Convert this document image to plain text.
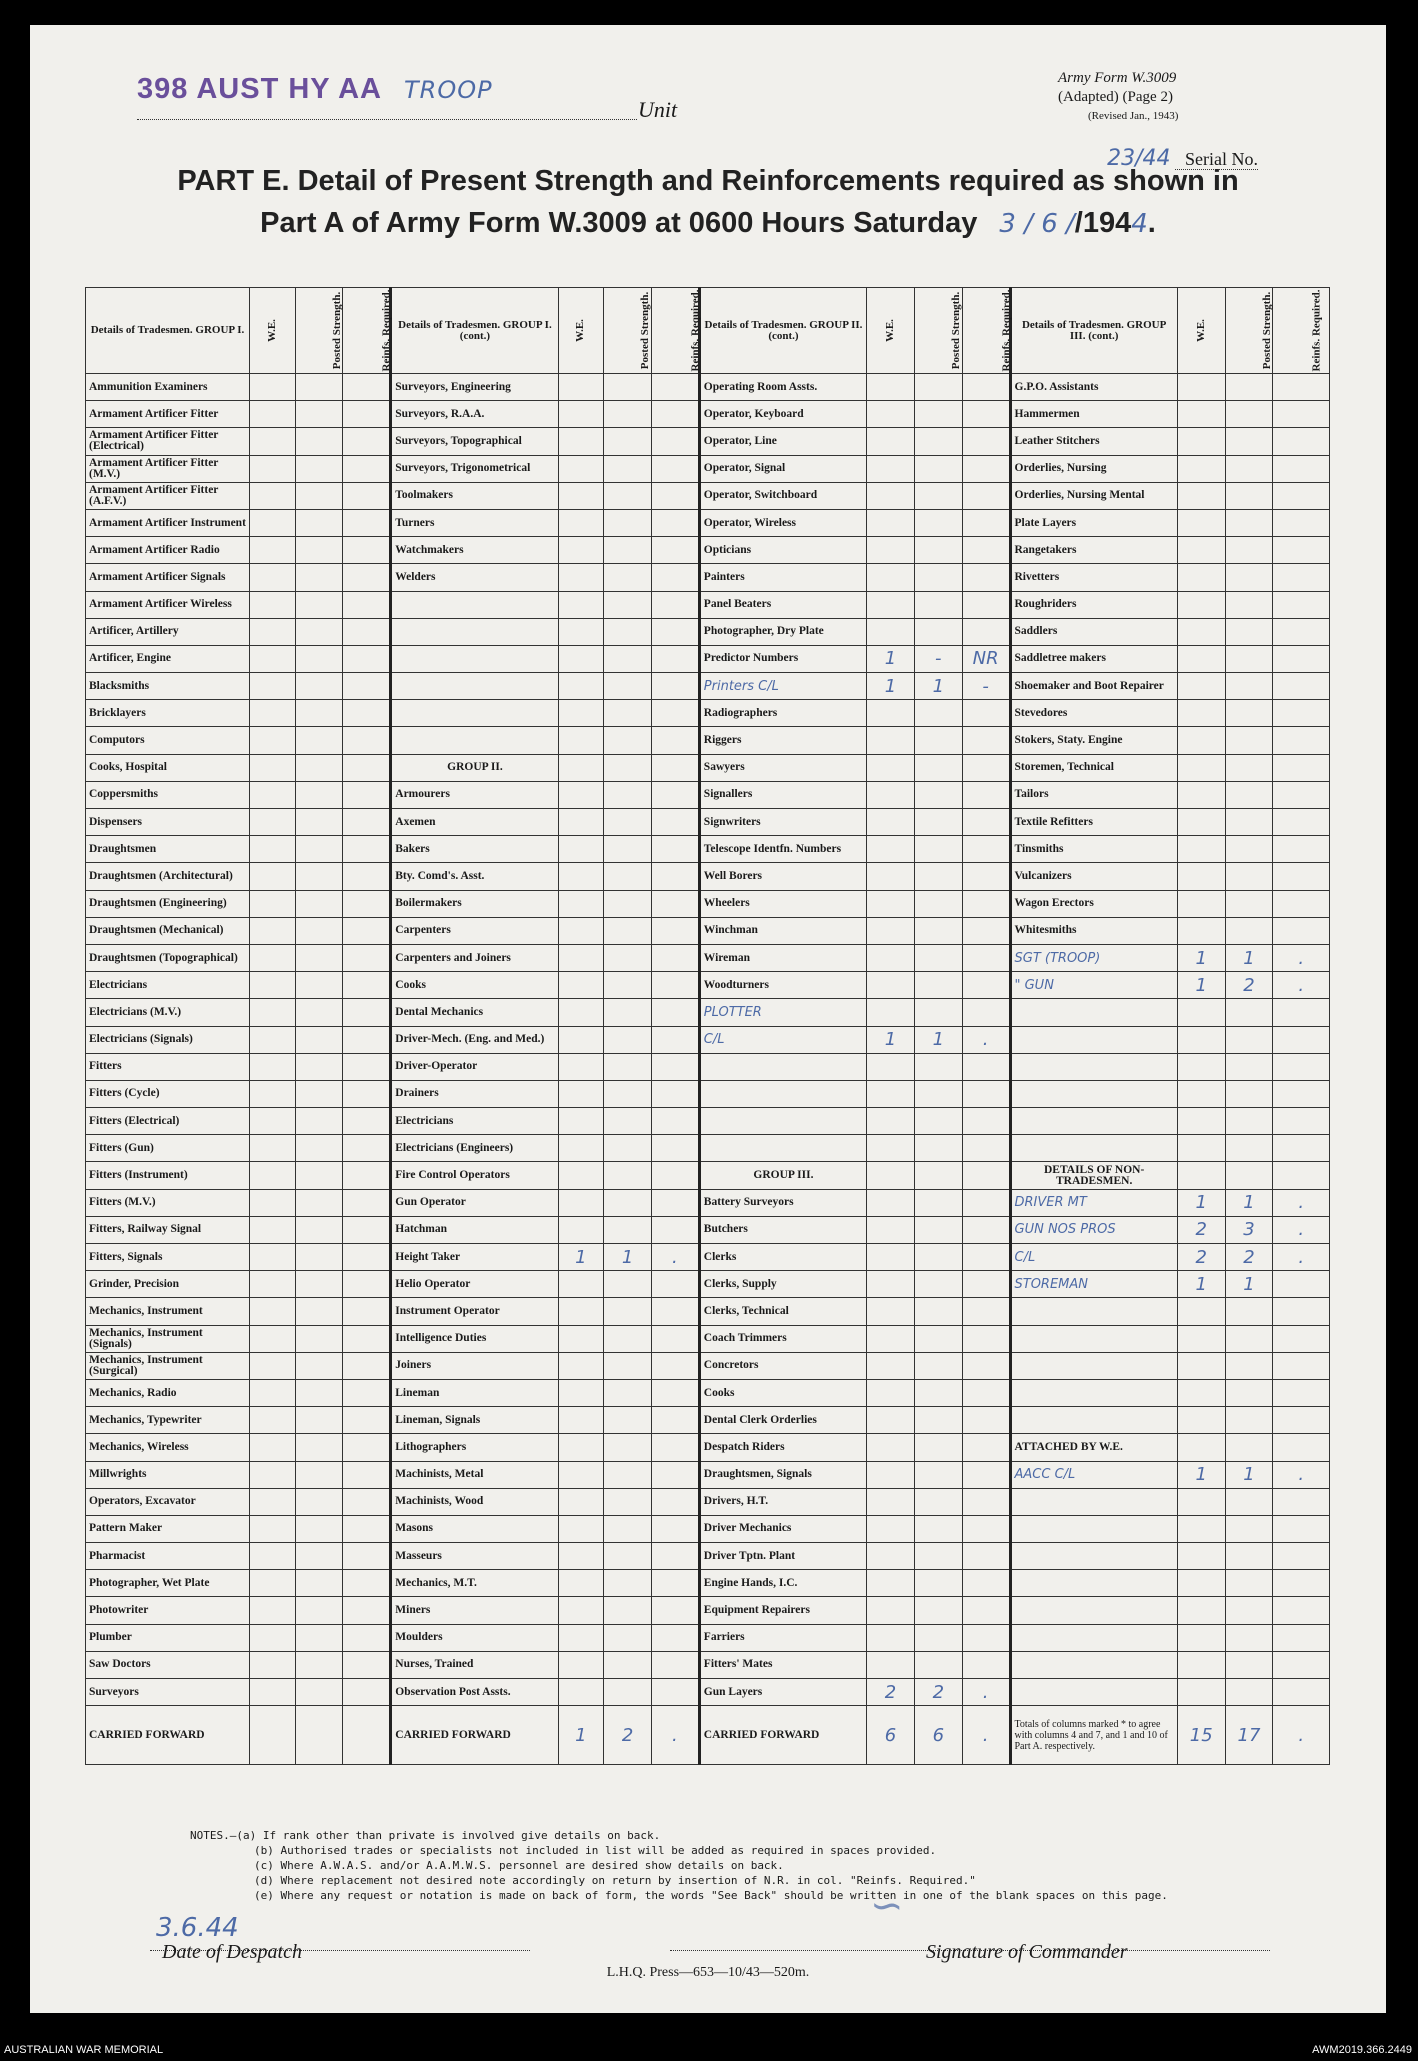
398 AUST HY AA TROOP
Unit
Army Form W.3009
(Adapted) (Page 2)
(Revised Jan., 1943)
23/44 Serial No.
PART E. Detail of Present Strength and Reinforcements required as shown in
Part A of Army Form W.3009 at 0600 Hours Saturday 3 / 6 //1944.
Details of Tradesmen. GROUP I.	W.E.	Posted Strength.	Reinfs. Required.	Details of Tradesmen. GROUP I. (cont.)	W.E.	Posted Strength.	Reinfs. Required.	Details of Tradesmen. GROUP II. (cont.)	W.E.	Posted Strength.	Reinfs. Required.	Details of Tradesmen. GROUP III. (cont.)	W.E.	Posted Strength.	Reinfs. Required.
Ammunition Examiners				Surveyors, Engineering				Operating Room Assts.				G.P.O. Assistants			
Armament Artificer Fitter				Surveyors, R.A.A.				Operator, Keyboard				Hammermen			
Armament Artificer Fitter (Electrical)				Surveyors, Topographical				Operator, Line				Leather Stitchers			
Armament Artificer Fitter (M.V.)				Surveyors, Trigonometrical				Operator, Signal				Orderlies, Nursing			
Armament Artificer Fitter (A.F.V.)				Toolmakers				Operator, Switchboard				Orderlies, Nursing Mental			
Armament Artificer Instrument				Turners				Operator, Wireless				Plate Layers			
Armament Artificer Radio				Watchmakers				Opticians				Rangetakers			
Armament Artificer Signals				Welders				Painters				Rivetters			
Armament Artificer Wireless								Panel Beaters				Roughriders			
Artificer, Artillery								Photographer, Dry Plate				Saddlers			
Artificer, Engine								Predictor Numbers	1	-	NR	Saddletree makers			
Blacksmiths								Printers C/L	1	1	-	Shoemaker and Boot Repairer			
Bricklayers								Radiographers				Stevedores			
Computors								Riggers				Stokers, Staty. Engine			
Cooks, Hospital				GROUP II.				Sawyers				Storemen, Technical			
Coppersmiths				Armourers				Signallers				Tailors			
Dispensers				Axemen				Signwriters				Textile Refitters			
Draughtsmen				Bakers				Telescope Identfn. Numbers				Tinsmiths			
Draughtsmen (Architectural)				Bty. Comd's. Asst.				Well Borers				Vulcanizers			
Draughtsmen (Engineering)				Boilermakers				Wheelers				Wagon Erectors			
Draughtsmen (Mechanical)				Carpenters				Winchman				Whitesmiths			
Draughtsmen (Topographical)				Carpenters and Joiners				Wireman				SGT (TROOP)	1	1	.
Electricians				Cooks				Woodturners				" GUN	1	2	.
Electricians (M.V.)				Dental Mechanics				PLOTTER							
Electricians (Signals)				Driver-Mech. (Eng. and Med.)				C/L	1	1	.				
Fitters				Driver-Operator											
Fitters (Cycle)				Drainers											
Fitters (Electrical)				Electricians											
Fitters (Gun)				Electricians (Engineers)											
Fitters (Instrument)				Fire Control Operators				GROUP III.				DETAILS OF NON-TRADESMEN.			
Fitters (M.V.)				Gun Operator				Battery Surveyors				DRIVER MT	1	1	.
Fitters, Railway Signal				Hatchman				Butchers				GUN NOS PROS	2	3	.
Fitters, Signals				Height Taker	1	1	.	Clerks				C/L	2	2	.
Grinder, Precision				Helio Operator				Clerks, Supply				STOREMAN	1	1	
Mechanics, Instrument				Instrument Operator				Clerks, Technical							
Mechanics, Instrument (Signals)				Intelligence Duties				Coach Trimmers							
Mechanics, Instrument (Surgical)				Joiners				Concretors							
Mechanics, Radio				Lineman				Cooks							
Mechanics, Typewriter				Lineman, Signals				Dental Clerk Orderlies							
Mechanics, Wireless				Lithographers				Despatch Riders				ATTACHED BY W.E.			
Millwrights				Machinists, Metal				Draughtsmen, Signals				AACC C/L	1	1	.
Operators, Excavator				Machinists, Wood				Drivers, H.T.							
Pattern Maker				Masons				Driver Mechanics							
Pharmacist				Masseurs				Driver Tptn. Plant							
Photographer, Wet Plate				Mechanics, M.T.				Engine Hands, I.C.							
Photowriter				Miners				Equipment Repairers							
Plumber				Moulders				Farriers							
Saw Doctors				Nurses, Trained				Fitters' Mates							
Surveyors				Observation Post Assts.				Gun Layers	2	2	.				
CARRIED FORWARD				CARRIED FORWARD	1	2	.	CARRIED FORWARD	6	6	.	Totals of columns marked * to agree with columns 4 and 7, and 1 and 10 of Part A. respectively.	15	17	.
NOTES.—(a) If rank other than private is involved give details on back.
(b) Authorised trades or specialists not included in list will be added as required in spaces provided.
(c) Where A.W.A.S. and/or A.A.M.W.S. personnel are desired show details on back.
(d) Where replacement not desired note accordingly on return by insertion of N.R. in col. "Reinfs. Required."
(e) Where any request or notation is made on back of form, the words "See Back" should be written in one of the blank spaces on this page.
3.6.44
Date of Despatch
∽
Signature of Commander
L.H.Q. Press—653—10/43—520m.
AUSTRALIAN WAR MEMORIAL	AWM2019.366.2449
